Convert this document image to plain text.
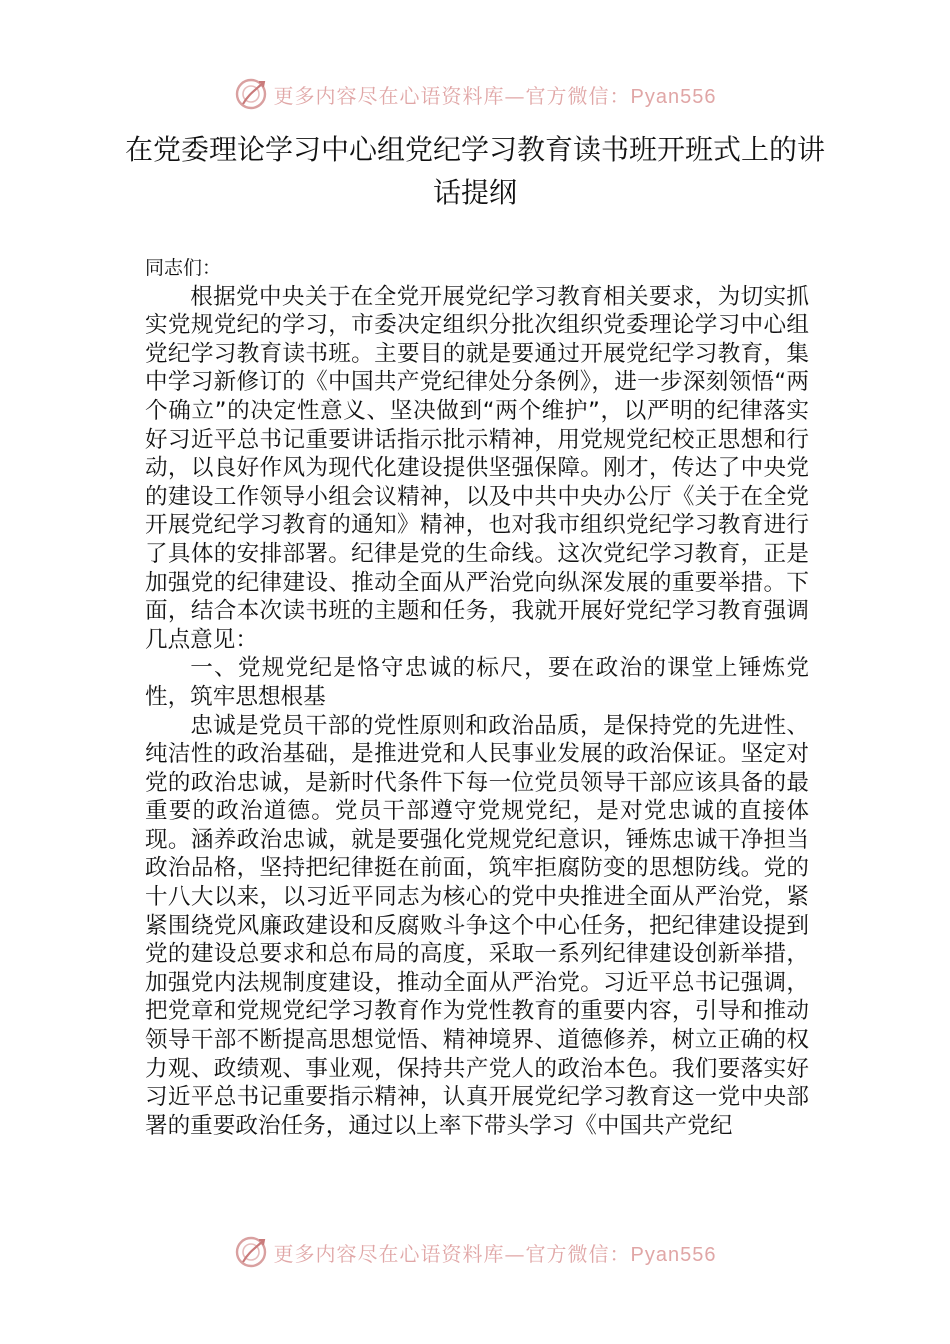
更多内容尽在心语资料库—官方微信：Pyan556
在党委理论学习中心组党纪学习教育读书班开班式上的讲话提纲

同志们：

根据党中央关于在全党开展党纪学习教育相关要求，为切实抓实党规党纪的学习，市委决定组织分批次组织党委理论学习中心组党纪学习教育读书班。主要目的就是要通过开展党纪学习教育，集中学习新修订的《中国共产党纪律处分条例》，进一步深刻领悟“两个确立”的决定性意义、坚决做到“两个维护”，以严明的纪律落实好习近平总书记重要讲话指示批示精神，用党规党纪校正思想和行动，以良好作风为现代化建设提供坚强保障。刚才，传达了中央党的建设工作领导小组会议精神，以及中共中央办公厅《关于在全党开展党纪学习教育的通知》精神，也对我市组织党纪学习教育进行了具体的安排部署。纪律是党的生命线。这次党纪学习教育，正是加强党的纪律建设、推动全面从严治党向纵深发展的重要举措。下面，结合本次读书班的主题和任务，我就开展好党纪学习教育强调几点意见：

一、党规党纪是恪守忠诚的标尺，要在政治的课堂上锤炼党性，筑牢思想根基

忠诚是党员干部的党性原则和政治品质，是保持党的先进性、纯洁性的政治基础，是推进党和人民事业发展的政治保证。坚定对党的政治忠诚，是新时代条件下每一位党员领导干部应该具备的最重要的政治道德。党员干部遵守党规党纪，是对党忠诚的直接体现。涵养政治忠诚，就是要强化党规党纪意识，锤炼忠诚干净担当政治品格，坚持把纪律挺在前面，筑牢拒腐防变的思想防线。党的十八大以来，以习近平同志为核心的党中央推进全面从严治党，紧紧围绕党风廉政建设和反腐败斗争这个中心任务，把纪律建设提到党的建设总要求和总布局的高度，采取一系列纪律建设创新举措，加强党内法规制度建设，推动全面从严治党。习近平总书记强调，把党章和党规党纪学习教育作为党性教育的重要内容，引导和推动领导干部不断提高思想觉悟、精神境界、道德修养，树立正确的权力观、政绩观、事业观，保持共产党人的政治本色。我们要落实好习近平总书记重要指示精神，认真开展党纪学习教育这一党中央部署的重要政治任务，通过以上率下带头学习《中国共产党纪

更多内容尽在心语资料库—官方微信：Pyan556
